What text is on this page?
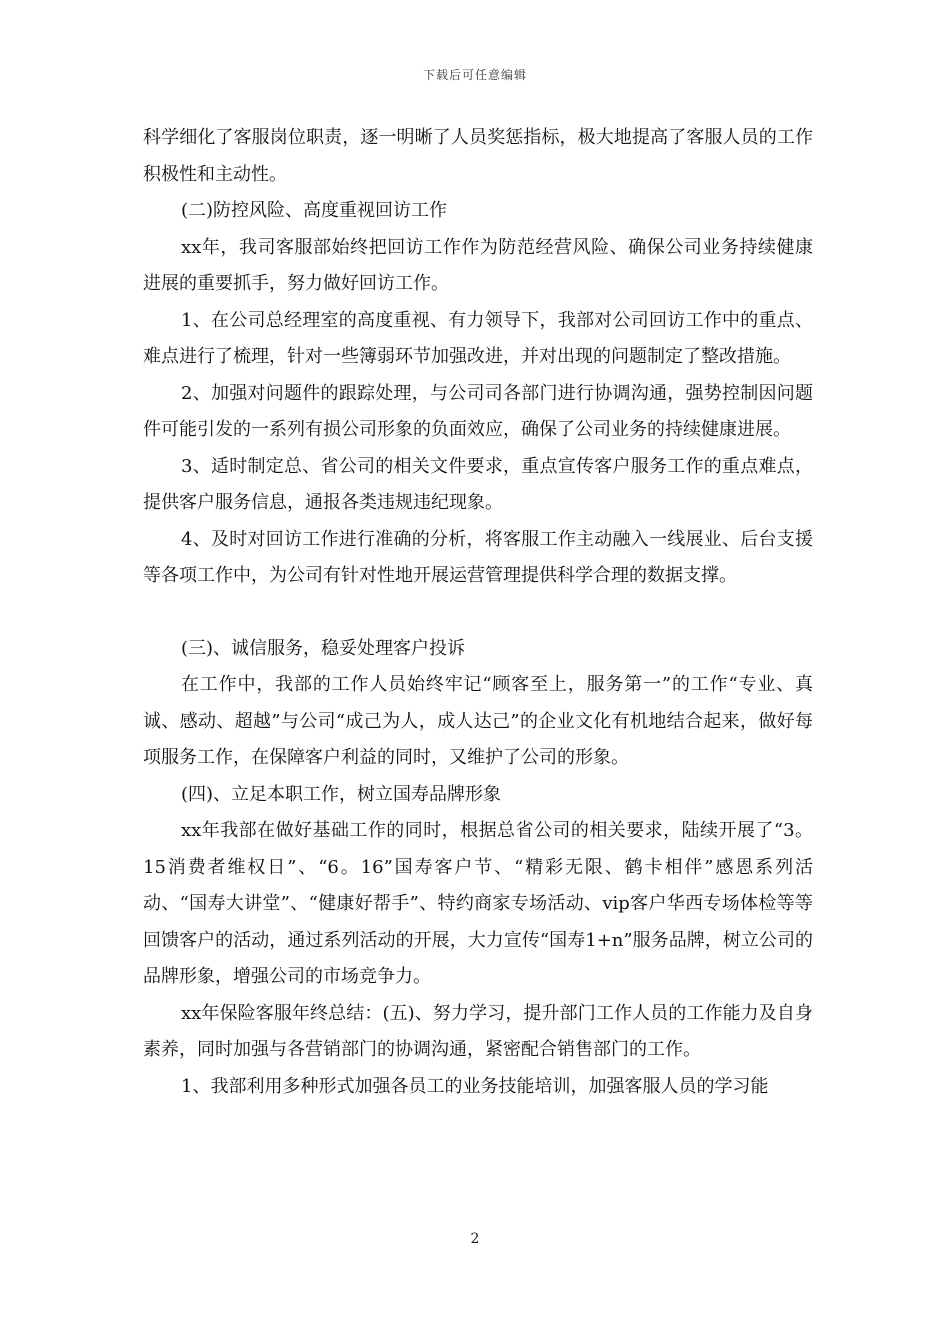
下载后可任意编辑

科学细化了客服岗位职责，逐一明晰了人员奖惩指标，极大地提高了客服人员的工作积极性和主动性。

(二)防控风险、高度重视回访工作

xx年，我司客服部始终把回访工作作为防范经营风险、确保公司业务持续健康进展的重要抓手，努力做好回访工作。

1、在公司总经理室的高度重视、有力领导下，我部对公司回访工作中的重点、难点进行了梳理，针对一些簿弱环节加强改进，并对出现的问题制定了整改措施。

2、加强对问题件的跟踪处理，与公司司各部门进行协调沟通，强势控制因问题件可能引发的一系列有损公司形象的负面效应，确保了公司业务的持续健康进展。

3、适时制定总、省公司的相关文件要求，重点宣传客户服务工作的重点难点，提供客户服务信息，通报各类违规违纪现象。

4、及时对回访工作进行准确的分析，将客服工作主动融入一线展业、后台支援等各项工作中，为公司有针对性地开展运营管理提供科学合理的数据支撑。

(三)、诚信服务，稳妥处理客户投诉

在工作中，我部的工作人员始终牢记“顾客至上，服务第一”的工作“专业、真诚、感动、超越”与公司“成己为人，成人达己”的企业文化有机地结合起来，做好每项服务工作，在保障客户利益的同时，又维护了公司的形象。

(四)、立足本职工作，树立国寿品牌形象

xx年我部在做好基础工作的同时，根据总省公司的相关要求，陆续开展了“3。15消费者维权日”、“6。16”国寿客户节、“精彩无限、鹤卡相伴”感恩系列活动、“国寿大讲堂”、“健康好帮手”、特约商家专场活动、vip客户华西专场体检等等回馈客户的活动，通过系列活动的开展，大力宣传“国寿1+n”服务品牌，树立公司的品牌形象，增强公司的市场竞争力。

xx年保险客服年终总结：(五)、努力学习，提升部门工作人员的工作能力及自身素养，同时加强与各营销部门的协调沟通，紧密配合销售部门的工作。

1、我部利用多种形式加强各员工的业务技能培训，加强客服人员的学习能

2
